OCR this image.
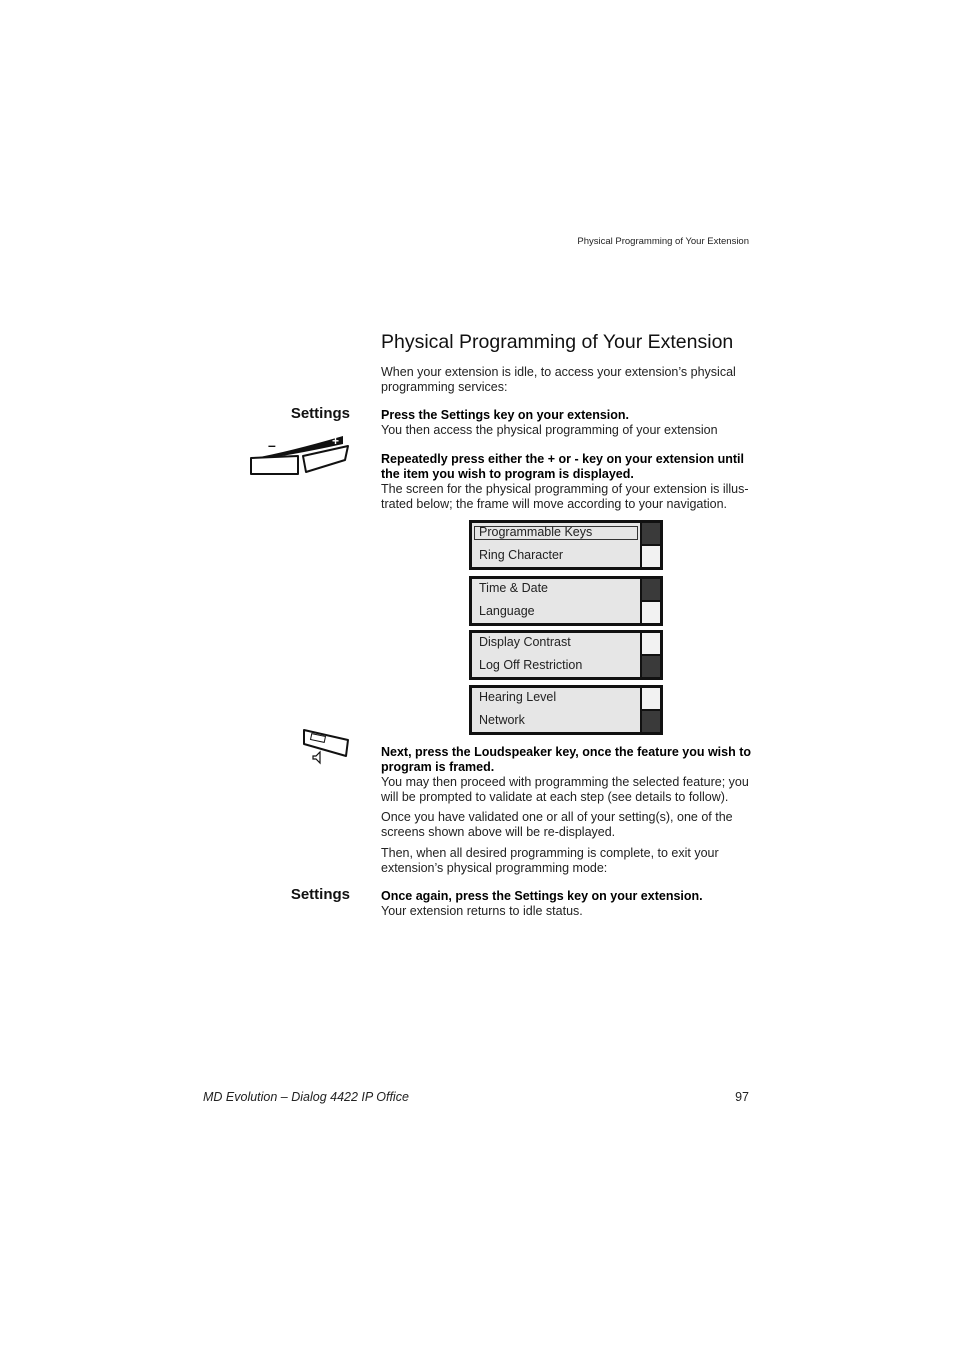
Physical Programming of Your Extension
Physical Programming of Your Extension

When your extension is idle, to access your extension’s physical programming services:

Settings Press the Settings key on your extension.
You then access the physical programming of your extension
–	+
Repeatedly press either the + or - key on your extension until the item you wish to program is displayed.
The screen for the physical programming of your extension is illus-trated below; the frame will move according to your navigation.
Programmable Keys
Ring Character
Time & Date
Language
Display Contrast
Log Off Restriction
Hearing Level
Network
Next, press the Loudspeaker key, once the feature you wish to program is framed.
You may then proceed with programming the selected feature; you will be prompted to validate at each step (see details to follow).

Once you have validated one or all of your setting(s), one of the screens shown above will be re-displayed.

Then, when all desired programming is complete, to exit your extension’s physical programming mode:

Settings Once again, press the Settings key on your extension.
Your extension returns to idle status.
MD Evolution – Dialog 4422 IP Office	97
